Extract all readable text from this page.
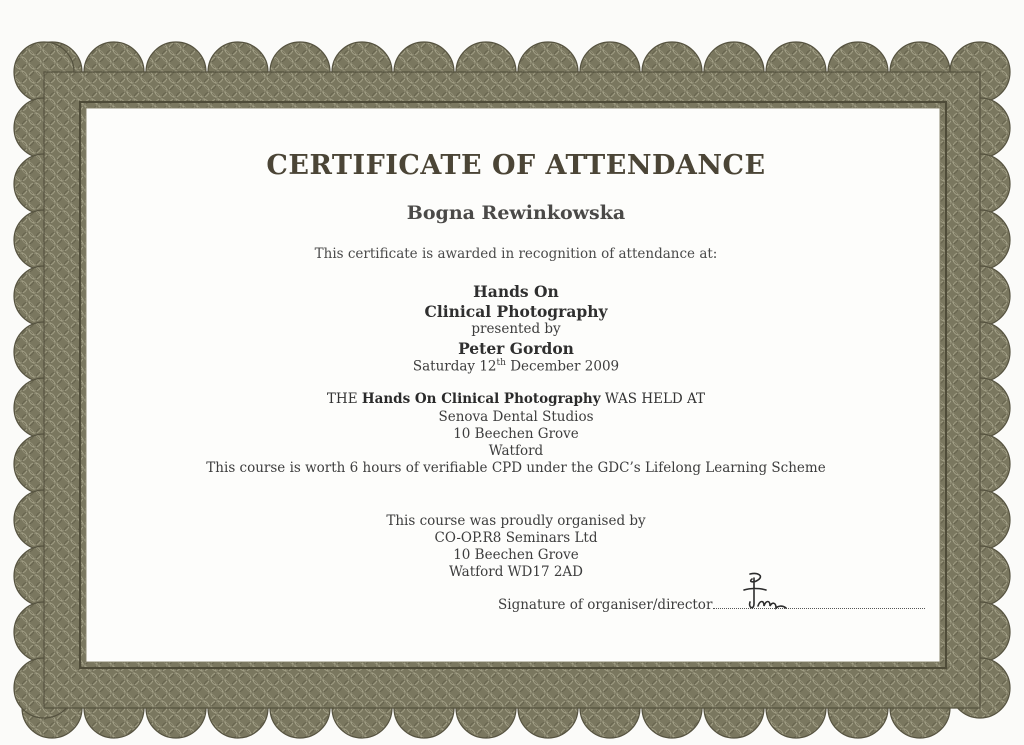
CERTIFICATE OF ATTENDANCE
Bogna Rewinkowska
This certificate is awarded in recognition of attendance at:
Hands On
Clinical Photography
presented by
Peter Gordon
Saturday 12th December 2009
THE Hands On Clinical Photography WAS HELD AT
Senova Dental Studios
10 Beechen Grove
Watford
This course is worth 6 hours of verifiable CPD under the GDC’s Lifelong Learning Scheme
This course was proudly organised by
CO-OP.R8 Seminars Ltd
10 Beechen Grove
Watford WD17 2AD
Signature of organiser/director
